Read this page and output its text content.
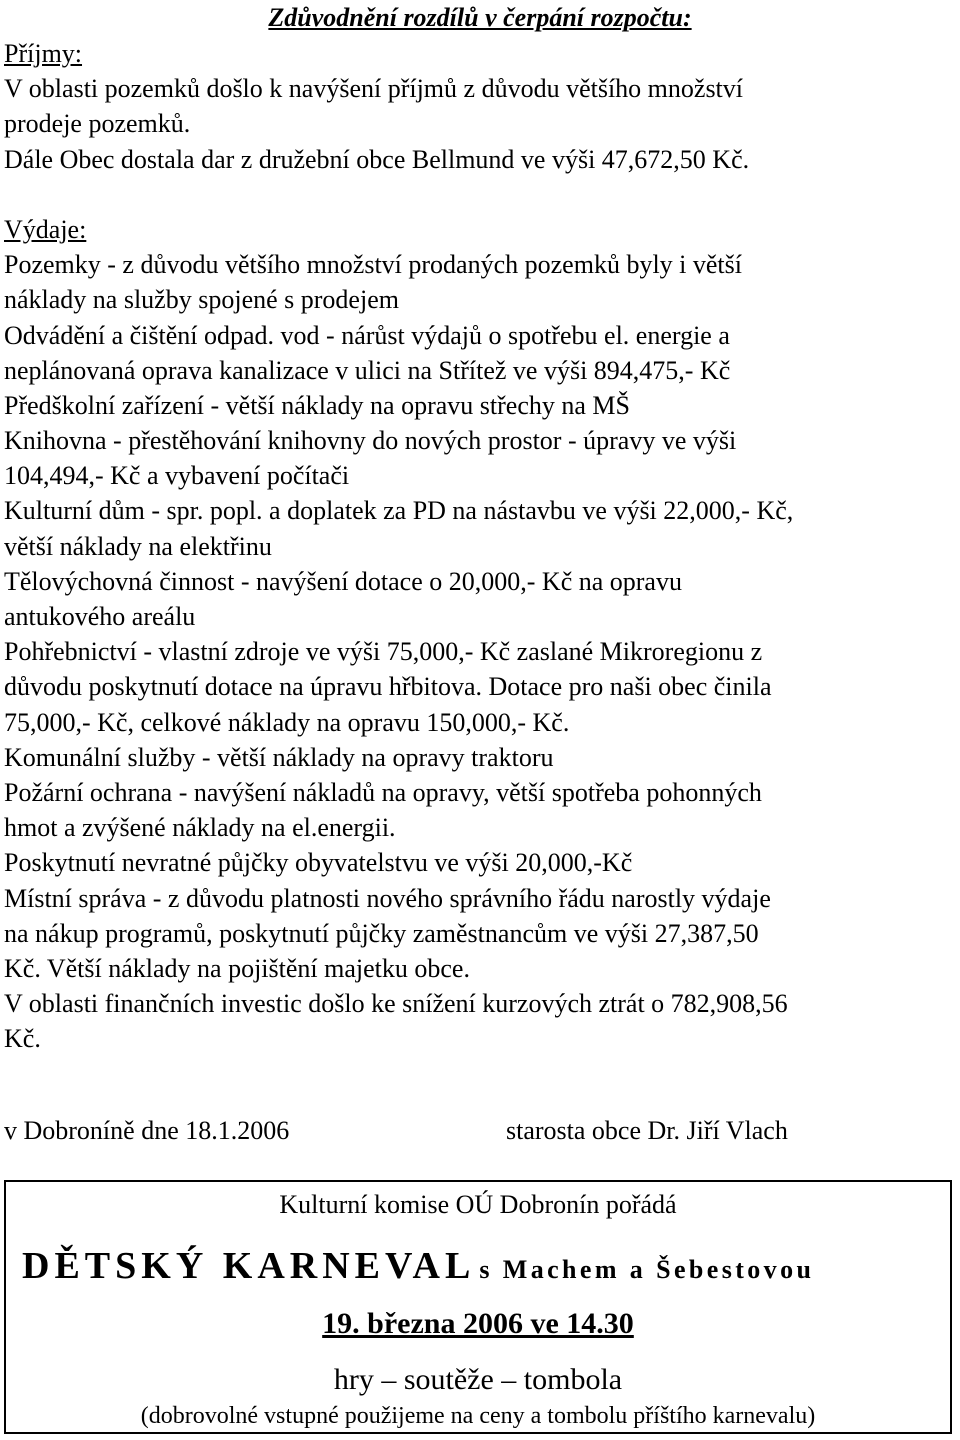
Zdůvodnění rozdílů v čerpání rozpočtu:
Příjmy:
V oblasti pozemků došlo k navýšení příjmů z důvodu většího množství
prodeje pozemků.
Dále Obec dostala dar z družební obce Bellmund ve výši 47,672,50 Kč.
Výdaje:
Pozemky - z důvodu většího množství prodaných pozemků byly i větší
náklady na služby spojené s prodejem
Odvádění a čištění odpad. vod - nárůst výdajů o spotřebu el. energie a
neplánovaná oprava kanalizace v ulici na Střítež ve výši 894,475,- Kč
Předškolní zařízení - větší náklady na opravu střechy na MŠ
Knihovna - přestěhování knihovny do nových prostor - úpravy ve výši
104,494,- Kč a vybavení počítači
Kulturní dům - spr. popl. a doplatek za PD na nástavbu ve výši 22,000,- Kč,
větší náklady na elektřinu
Tělovýchovná činnost - navýšení dotace o 20,000,- Kč na opravu
antukového areálu
Pohřebnictví - vlastní zdroje ve výši 75,000,- Kč zaslané Mikroregionu z
důvodu poskytnutí dotace na úpravu hřbitova. Dotace pro naši obec činila
75,000,- Kč, celkové náklady na opravu 150,000,- Kč.
Komunální služby - větší náklady na opravy traktoru
Požární ochrana - navýšení nákladů na opravy, větší spotřeba pohonných
hmot a zvýšené náklady na el.energii.
Poskytnutí nevratné půjčky obyvatelstvu ve výši 20,000,-Kč
Místní správa - z důvodu platnosti nového správního řádu narostly výdaje
na nákup programů, poskytnutí půjčky zaměstnancům ve výši 27,387,50
Kč. Větší náklady na pojištění majetku obce.
V oblasti finančních investic došlo ke snížení kurzových ztrát o 782,908,56
Kč.
v Dobroníně dne 18.1.2006	starosta obce Dr. Jiří Vlach
Kulturní komise OÚ Dobronín pořádá
DĚTSKÝ KARNEVAL s Machem a Šebestovou
19. března 2006 ve 14.30
hry – soutěže – tombola
(dobrovolné vstupné použijeme na ceny a tombolu příštího karnevalu)
